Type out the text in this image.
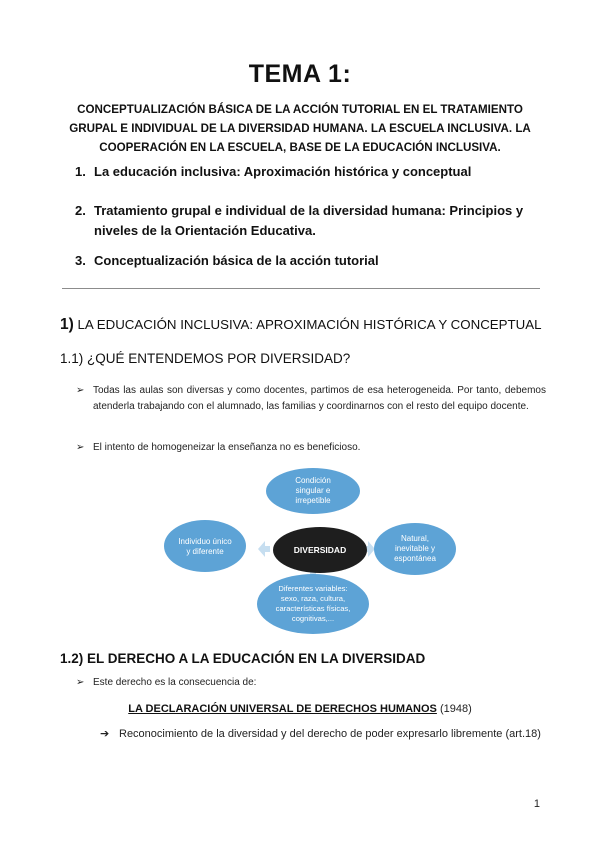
TEMA 1:
CONCEPTUALIZACIÓN BÁSICA DE LA ACCIÓN TUTORIAL EN EL TRATAMIENTO GRUPAL E INDIVIDUAL DE LA DIVERSIDAD HUMANA. LA ESCUELA INCLUSIVA. LA COOPERACIÓN EN LA ESCUELA, BASE DE LA EDUCACIÓN INCLUSIVA.
1. La educación inclusiva: Aproximación histórica y conceptual
2. Tratamiento grupal e individual de la diversidad humana: Principios y niveles de la Orientación Educativa.
3. Conceptualización básica de la acción tutorial
1) LA EDUCACIÓN INCLUSIVA: APROXIMACIÓN HISTÓRICA Y CONCEPTUAL
1.1) ¿QUÉ ENTENDEMOS POR DIVERSIDAD?
➢ Todas las aulas son diversas y como docentes, partimos de esa heterogeneida. Por tanto, debemos atenderla trabajando con el alumnado, las familias y coordinarnos con el resto del equipo docente.
➢ El intento de homogeneizar la enseñanza no es beneficioso.
DIVERSIDAD
Condición
singular e
irrepetible
Natural,
inevitable y
espontánea
Diferentes variables:
sexo, raza, cultura,
características físicas,
cognitivas,...
Individuo único
y diferente
1.2) EL DERECHO A LA EDUCACIÓN EN LA DIVERSIDAD
➢ Este derecho es la consecuencia de:
LA DECLARACIÓN UNIVERSAL DE DERECHOS HUMANOS (1948)
➔ Reconocimiento de la diversidad y del derecho de poder expresarlo libremente (art.18)
1
